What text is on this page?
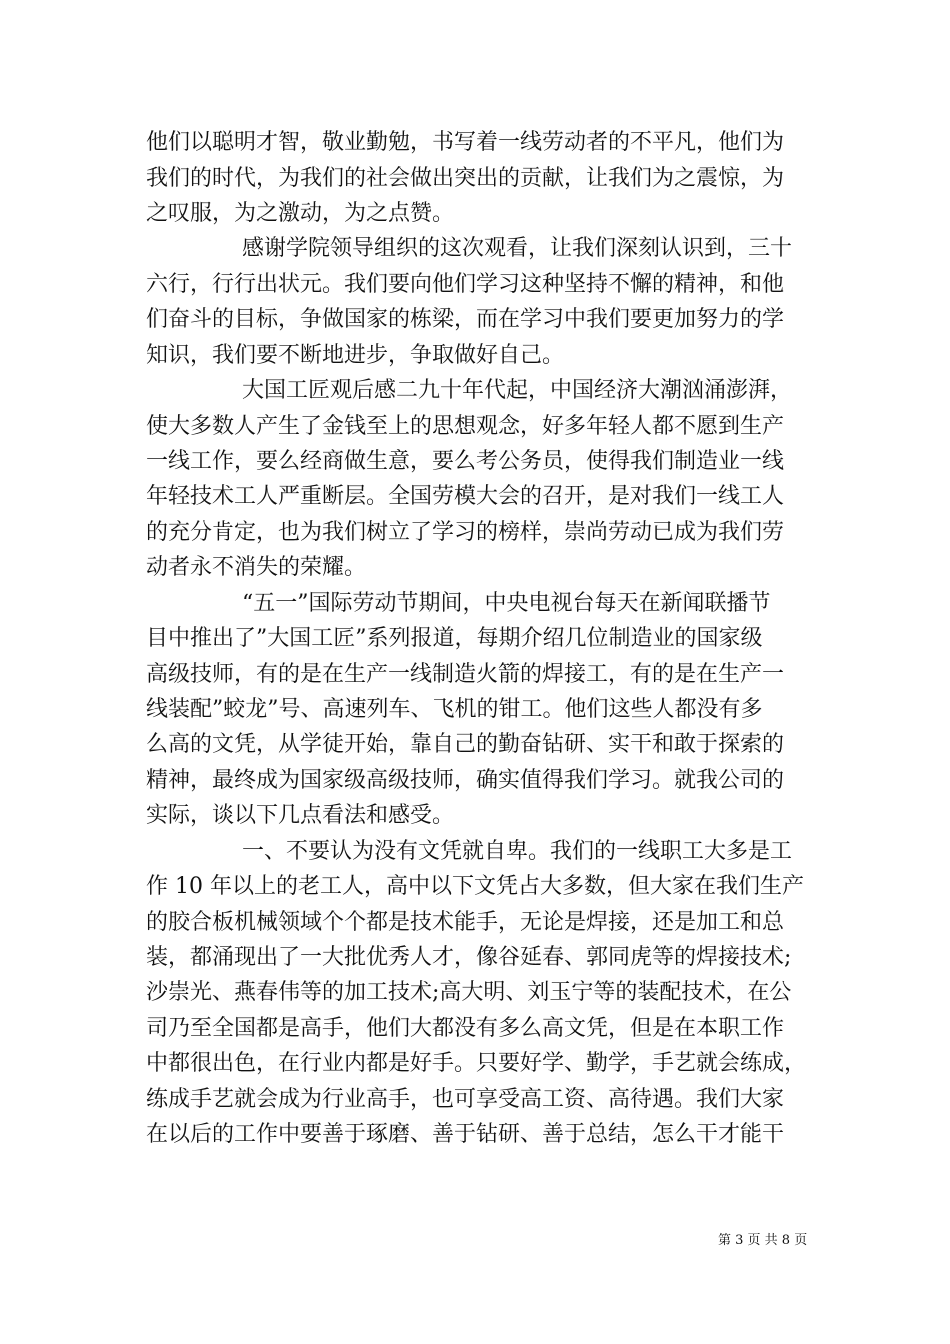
他们以聪明才智，敬业勤勉，书写着一线劳动者的不平凡，他们为
我们的时代，为我们的社会做出突出的贡献，让我们为之震惊，为
之叹服，为之激动，为之点赞。
感谢学院领导组织的这次观看，让我们深刻认识到，三十
六行，行行出状元。我们要向他们学习这种坚持不懈的精神，和他
们奋斗的目标，争做国家的栋梁，而在学习中我们要更加努力的学
知识，我们要不断地进步，争取做好自己。
大国工匠观后感二九十年代起，中国经济大潮汹涌澎湃，
使大多数人产生了金钱至上的思想观念，好多年轻人都不愿到生产
一线工作，要么经商做生意，要么考公务员，使得我们制造业一线
年轻技术工人严重断层。全国劳模大会的召开，是对我们一线工人
的充分肯定，也为我们树立了学习的榜样，崇尚劳动已成为我们劳
动者永不消失的荣耀。
“五一”国际劳动节期间，中央电视台每天在新闻联播节
目中推出了”大国工匠”系列报道，每期介绍几位制造业的国家级
高级技师，有的是在生产一线制造火箭的焊接工，有的是在生产一
线装配”蛟龙”号、高速列车、飞机的钳工。他们这些人都没有多
么高的文凭，从学徒开始，靠自己的勤奋钻研、实干和敢于探索的
精神，最终成为国家级高级技师，确实值得我们学习。就我公司的
实际，谈以下几点看法和感受。
一、不要认为没有文凭就自卑。我们的一线职工大多是工
作 10 年以上的老工人，高中以下文凭占大多数，但大家在我们生产
的胶合板机械领域个个都是技术能手，无论是焊接，还是加工和总
装，都涌现出了一大批优秀人才，像谷延春、郭同虎等的焊接技术;
沙崇光、燕春伟等的加工技术;高大明、刘玉宁等的装配技术，在公
司乃至全国都是高手，他们大都没有多么高文凭，但是在本职工作
中都很出色，在行业内都是好手。只要好学、勤学，手艺就会练成，
练成手艺就会成为行业高手，也可享受高工资、高待遇。我们大家
在以后的工作中要善于琢磨、善于钻研、善于总结，怎么干才能干
第 3 页 共 8 页
